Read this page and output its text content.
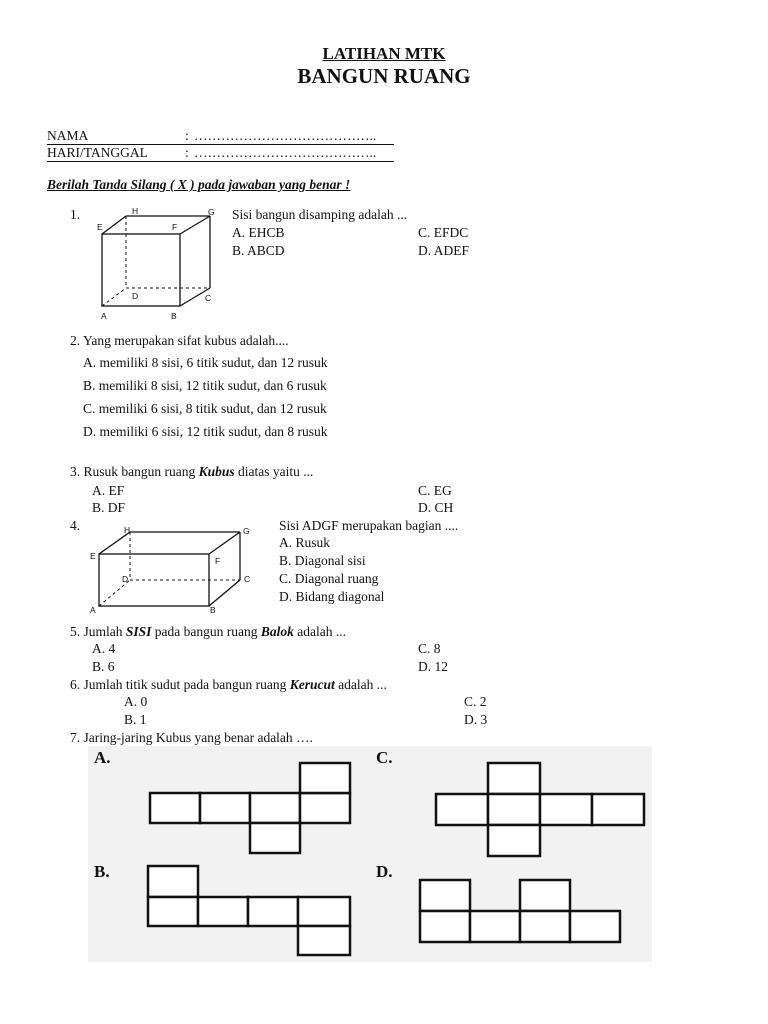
LATIHAN MTK
BANGUN RUANG
NAMA	: …………………………………..
HARI/TANGGAL	: …………………………………..
Berilah Tanda Silang ( X ) pada jawaban yang benar !
1.	H	G
E	F
D	C
A	B
Sisi bangun disamping adalah ...
A. EHCB
B. ABCD
C. EFDC
D. ADEF
2. Yang merupakan sifat kubus adalah....
A. memiliki 8 sisi, 6 titik sudut, dan 12 rusuk
B. memiliki 8 sisi, 12 titik sudut, dan 6 rusuk
C. memiliki 6 sisi, 8 titik sudut, dan 12 rusuk
D. memiliki 6 sisi, 12 titik sudut, dan 8 rusuk
3. Rusuk bangun ruang Kubus diatas yaitu ...
A. EF
B. DF
C. EG
D. CH
4.	H	G
E	F
D	C
A	B
Sisi ADGF merupakan bagian ....
A. Rusuk
B. Diagonal sisi
C. Diagonal ruang
D. Bidang diagonal
5. Jumlah SISI pada bangun ruang Balok adalah ...
A. 4
B. 6
C. 8
D. 12
6. Jumlah titik sudut pada bangun ruang Kerucut adalah ...
A. 0
B. 1
C. 2
D. 3
7. Jaring-jaring Kubus yang benar adalah ….
A.	C.
B.	D.
